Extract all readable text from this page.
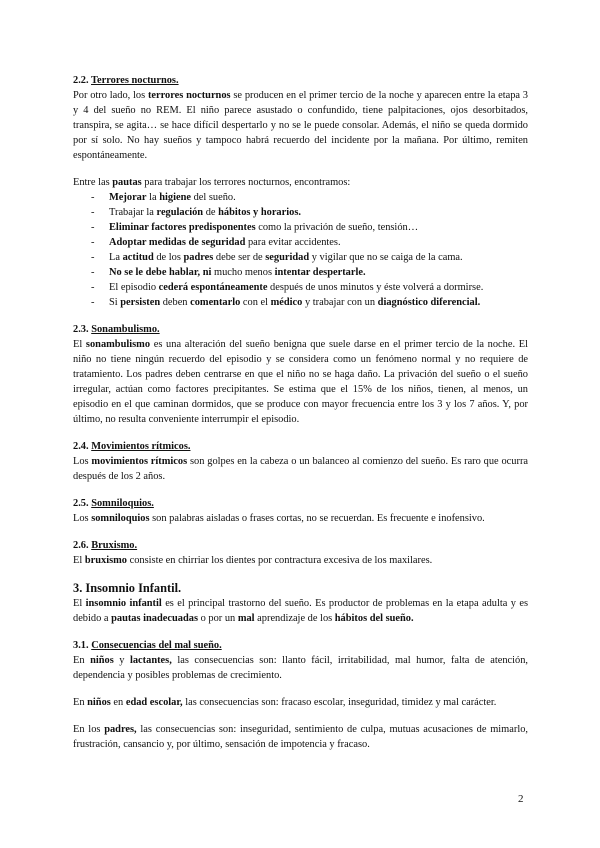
2.2. Terrores nocturnos.

Por otro lado, los terrores nocturnos se producen en el primer tercio de la noche y aparecen entre la etapa 3 y 4 del sueño no REM. El niño parece asustado o confundido, tiene palpitaciones, ojos desorbitados, transpira, se agita… se hace difícil despertarlo y no se le puede consolar. Además, el niño se queda dormido por sí solo. No hay sueños y tampoco habrá recuerdo del incidente por la mañana. Por último, remiten espontáneamente.

Entre las pautas para trabajar los terrores nocturnos, encontramos:

- Mejorar la higiene del sueño.
- Trabajar la regulación de hábitos y horarios.
- Eliminar factores predisponentes como la privación de sueño, tensión…
- Adoptar medidas de seguridad para evitar accidentes.
- La actitud de los padres debe ser de seguridad y vigilar que no se caiga de la cama.
- No se le debe hablar, ni mucho menos intentar despertarle.
- El episodio cederá espontáneamente después de unos minutos y éste volverá a dormirse.
- Si persisten deben comentarlo con el médico y trabajar con un diagnóstico diferencial.

2.3. Sonambulismo.

El sonambulismo es una alteración del sueño benigna que suele darse en el primer tercio de la noche. El niño no tiene ningún recuerdo del episodio y se considera como un fenómeno normal y no requiere de tratamiento. Los padres deben centrarse en que el niño no se haga daño. La privación del sueño o el sueño irregular, actúan como factores precipitantes. Se estima que el 15% de los niños, tienen, al menos, un episodio en el que caminan dormidos, que se produce con mayor frecuencia entre los 3 y los 7 años. Y, por último, no resulta conveniente interrumpir el episodio.

2.4. Movimientos rítmicos.

Los movimientos rítmicos son golpes en la cabeza o un balanceo al comienzo del sueño. Es raro que ocurra después de los 2 años.

2.5. Somniloquios.

Los somniloquios son palabras aisladas o frases cortas, no se recuerdan. Es frecuente e inofensivo.

2.6. Bruxismo.

El bruxismo consiste en chirriar los dientes por contractura excesiva de los maxilares.

3. Insomnio Infantil.

El insomnio infantil es el principal trastorno del sueño. Es productor de problemas en la etapa adulta y es debido a pautas inadecuadas o por un mal aprendizaje de los hábitos del sueño.

3.1. Consecuencias del mal sueño.

En niños y lactantes, las consecuencias son: llanto fácil, irritabilidad, mal humor, falta de atención, dependencia y posibles problemas de crecimiento.

En niños en edad escolar, las consecuencias son: fracaso escolar, inseguridad, timidez y mal carácter.

En los padres, las consecuencias son: inseguridad, sentimiento de culpa, mutuas acusaciones de mimarlo, frustración, cansancio y, por último, sensación de impotencia y fracaso.

2
